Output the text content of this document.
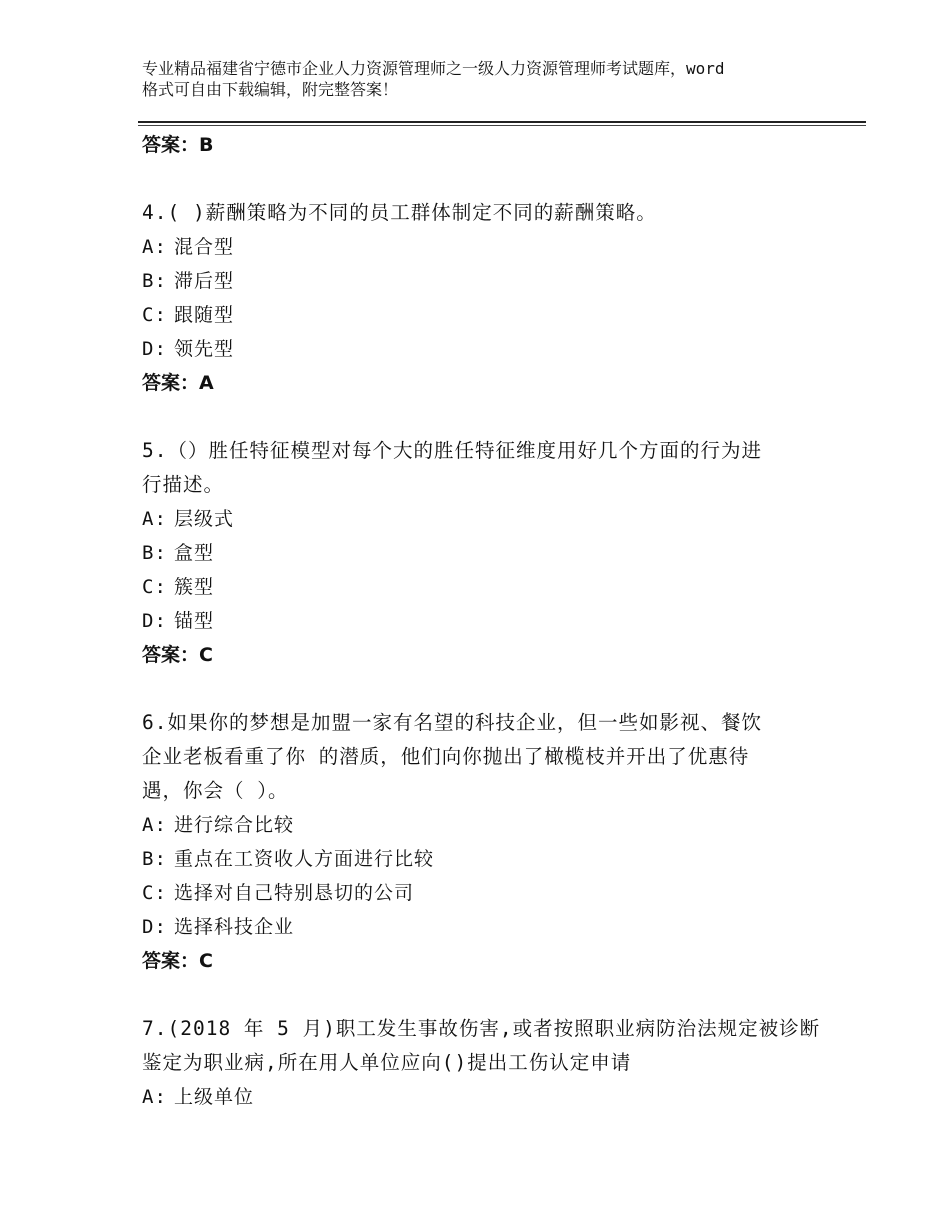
专业精品福建省宁德市企业人力资源管理师之一级人力资源管理师考试题库，word
格式可自由下载编辑，附完整答案！
答案：B
4.( )薪酬策略为不同的员工群体制定不同的薪酬策略。
A: 混合型
B: 滞后型
C: 跟随型
D: 领先型
答案：A
5.（）胜任特征模型对每个大的胜任特征维度用好几个方面的行为进
行描述。
A: 层级式
B: 盒型
C: 簇型
D: 锚型
答案：C
6.如果你的梦想是加盟一家有名望的科技企业，但一些如影视、餐饮
企业老板看重了你 的潜质，他们向你抛出了橄榄枝并开出了优惠待
遇，你会（ ）。
A: 进行综合比较
B: 重点在工资收人方面进行比较
C: 选择对自己特别恳切的公司
D: 选择科技企业
答案：C
7.(2018 年 5 月)职工发生事故伤害,或者按照职业病防治法规定被诊断
鉴定为职业病,所在用人单位应向()提出工伤认定申请
A: 上级单位
